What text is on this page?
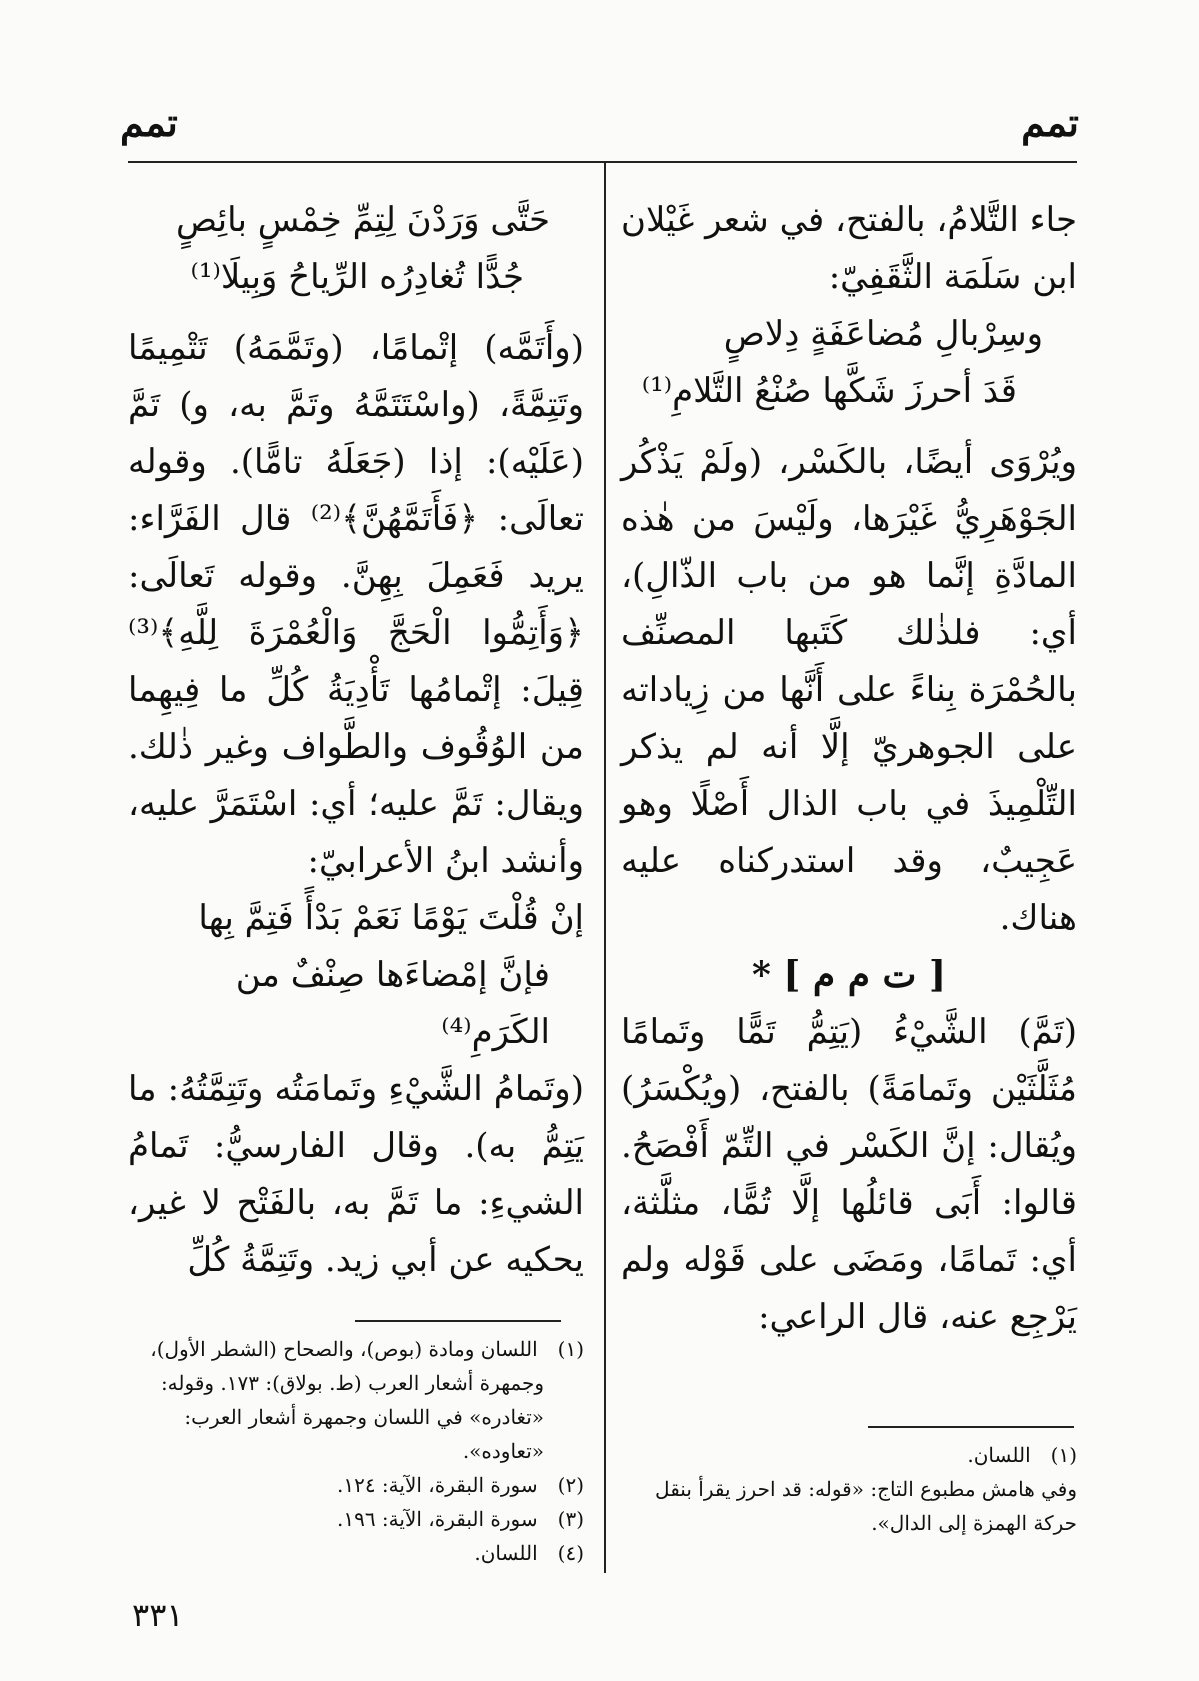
تمم
تمم

جاء التَّلامُ، بالفتح، في شعر غَيْلان ابن سَلَمَة الثَّقَفِيّ:

وسِرْبالِ مُضاعَفَةٍ دِلاصٍ

قَدَ أحرزَ شَكَّها صُنْعُ التَّلامِ⁽¹⁾

ويُرْوَى أيضًا، بالكَسْر، (ولَمْ يَذْكُر الجَوْهَرِيُّ غَيْرَها، ولَيْسَ من هٰذه المادَّةِ إنَّما هو من باب الذّالِ)، أي: فلذٰلك كَتَبها المصنِّف بالحُمْرَة بِناءً على أَنَّها من زِياداته على الجوهريّ إلَّا أنه لم يذكر التِّلْمِيذَ في باب الذال أَصْلًا وهو عَجِيبٌ، وقد استدركناه عليه هناك.

[ ت م م ] *

(تَمَّ) الشَّيْءُ (يَتِمُّ تَمًّا وتَمامًا مُثَلَّثَيْن وتَمامَةً) بالفتح، (ويُكْسَرُ) ويُقال: إنَّ الكَسْر في التِّمّ أَفْصَحُ. قالوا: أَبَى قائلُها إلَّا تُمًّا، مثلَّثة، أي: تَمامًا، ومَضَى على قَوْله ولم يَرْجِع عنه، قال الراعي:

حَتَّى وَرَدْنَ لِتِمِّ خِمْسٍ بائِصٍ

جُدًّا تُغادِرُه الرِّياحُ وَبِيلَا⁽¹⁾

(وأَتَمَّه) إتْمامًا، (وتَمَّمَهُ) تَتْمِيمًا وتَتِمَّةً، (واسْتَتَمَّهُ وتَمَّ به، و) تَمَّ (عَلَيْه): إذا (جَعَلَهُ تامًّا). وقوله تعالَى: ﴿فَأَتَمَّهُنَّ﴾⁽²⁾ قال الفَرَّاء: يريد فَعَمِلَ بِهِنَّ. وقوله تَعالَى: ﴿وَأَتِمُّوا الْحَجَّ وَالْعُمْرَةَ لِلَّهِ﴾⁽³⁾ قِيلَ: إتْمامُها تَأْدِيَةُ كُلِّ ما فِيهِما من الوُقُوف والطَّواف وغير ذٰلك. ويقال: تَمَّ عليه؛ أي: اسْتَمَرَّ عليه، وأنشد ابنُ الأعرابيّ:

إنْ قُلْتَ يَوْمًا نَعَمْ بَدْأً فَتِمَّ بِها

فإنَّ إمْضاءَها صِنْفٌ من الكَرَمِ⁽⁴⁾

(وتَمامُ الشَّيْءِ وتَمامَتُه وتَتِمَّتُهُ: ما يَتِمُّ به). وقال الفارسيُّ: تَمامُ الشيءِ: ما تَمَّ به، بالفَتْح لا غير، يحكيه عن أبي زيد. وتَتِمَّةُ كُلِّ

(١) اللسان ومادة (بوص)، والصحاح (الشطر الأول)،

وجمهرة أشعار العرب (ط. بولاق): ١٧٣. وقوله:

«تغادره» في اللسان وجمهرة أشعار العرب: «تعاوده».

(٢) سورة البقرة، الآية: ١٢٤.

(٣) سورة البقرة، الآية: ١٩٦.

(٤) اللسان.

(١) اللسان.

وفي هامش مطبوع التاج: «قوله: قد احرز يقرأ بنقل

حركة الهمزة إلى الدال».

٣٣١
